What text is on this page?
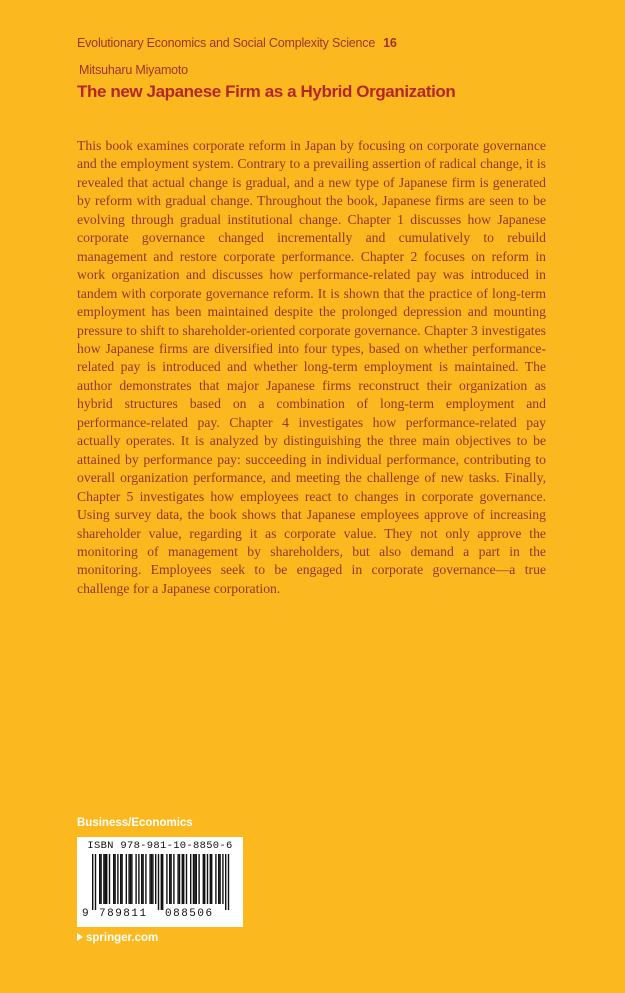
Evolutionary Economics and Social Complexity Science 16
Mitsuharu Miyamoto
The new Japanese Firm as a Hybrid Organization

This book examines corporate reform in Japan by focusing on corporate governance and the employment system. Contrary to a prevailing assertion of radical change, it is revealed that actual change is gradual, and a new type of Japanese firm is generated by reform with gradual change. Throughout the book, Japanese firms are seen to be evolving through gradual institutional change. Chapter 1 discusses how Japanese corporate governance changed incrementally and cumulatively to rebuild management and restore corporate performance. Chapter 2 focuses on reform in work organization and discusses how performance-related pay was introduced in tandem with corporate governance reform. It is shown that the practice of long-term employment has been maintained despite the prolonged depression and mounting pressure to shift to shareholder-oriented corporate governance. Chapter 3 investigates how Japanese firms are diversified into four types, based on whether performance-related pay is introduced and whether long-term employment is maintained. The author demonstrates that major Japanese firms reconstruct their organization as hybrid structures based on a combination of long-term employment and performance-related pay. Chapter 4 investigates how performance-related pay actually operates. It is analyzed by distinguishing the three main objectives to be attained by performance pay: succeeding in individual performance, contributing to overall organization performance, and meeting the challenge of new tasks. Finally, Chapter 5 investigates how employees react to changes in corporate governance. Using survey data, the book shows that Japanese employees approve of increasing shareholder value, regarding it as corporate value. They not only approve the monitoring of management by shareholders, but also demand a part in the monitoring. Employees seek to be engaged in corporate governance—a true challenge for a Japanese corporation.

Business/Economics
ISBN 978-981-10-8850-6
9 789811 088506
springer.com
